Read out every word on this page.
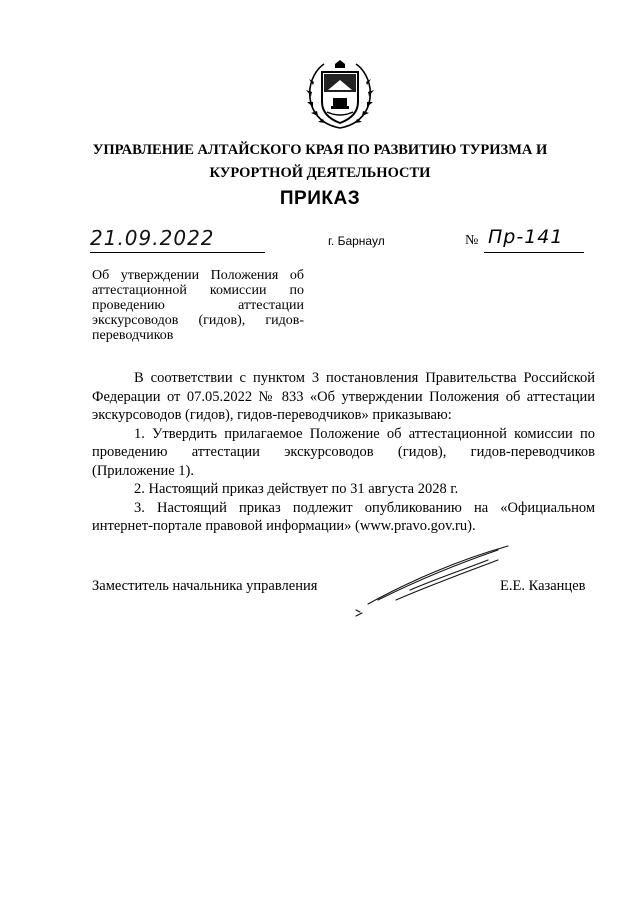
УПРАВЛЕНИЕ АЛТАЙСКОГО КРАЯ ПО РАЗВИТИЮ ТУРИЗМА И
КУРОРТНОЙ ДЕЯТЕЛЬНОСТИ
ПРИКАЗ
21.09.2022	г. Барнаул	№ Пр-141
Об утверждении Положения об
аттестационной комиссии по
проведению аттестации
экскурсоводов (гидов), гидов-
переводчиков

В соответствии с пунктом 3 постановления Правительства Российской Федерации от 07.05.2022 № 833 «Об утверждении Положения об аттестации экскурсоводов (гидов), гидов-переводчиков» приказываю:

1. Утвердить прилагаемое Положение об аттестационной комиссии по проведению аттестации экскурсоводов (гидов), гидов-переводчиков (Приложение 1).

2. Настоящий приказ действует по 31 августа 2028 г.

3. Настоящий приказ подлежит опубликованию на «Официальном интернет-портале правовой информации» (www.pravo.gov.ru).

Заместитель начальника управления	Е.Е. Казанцев
